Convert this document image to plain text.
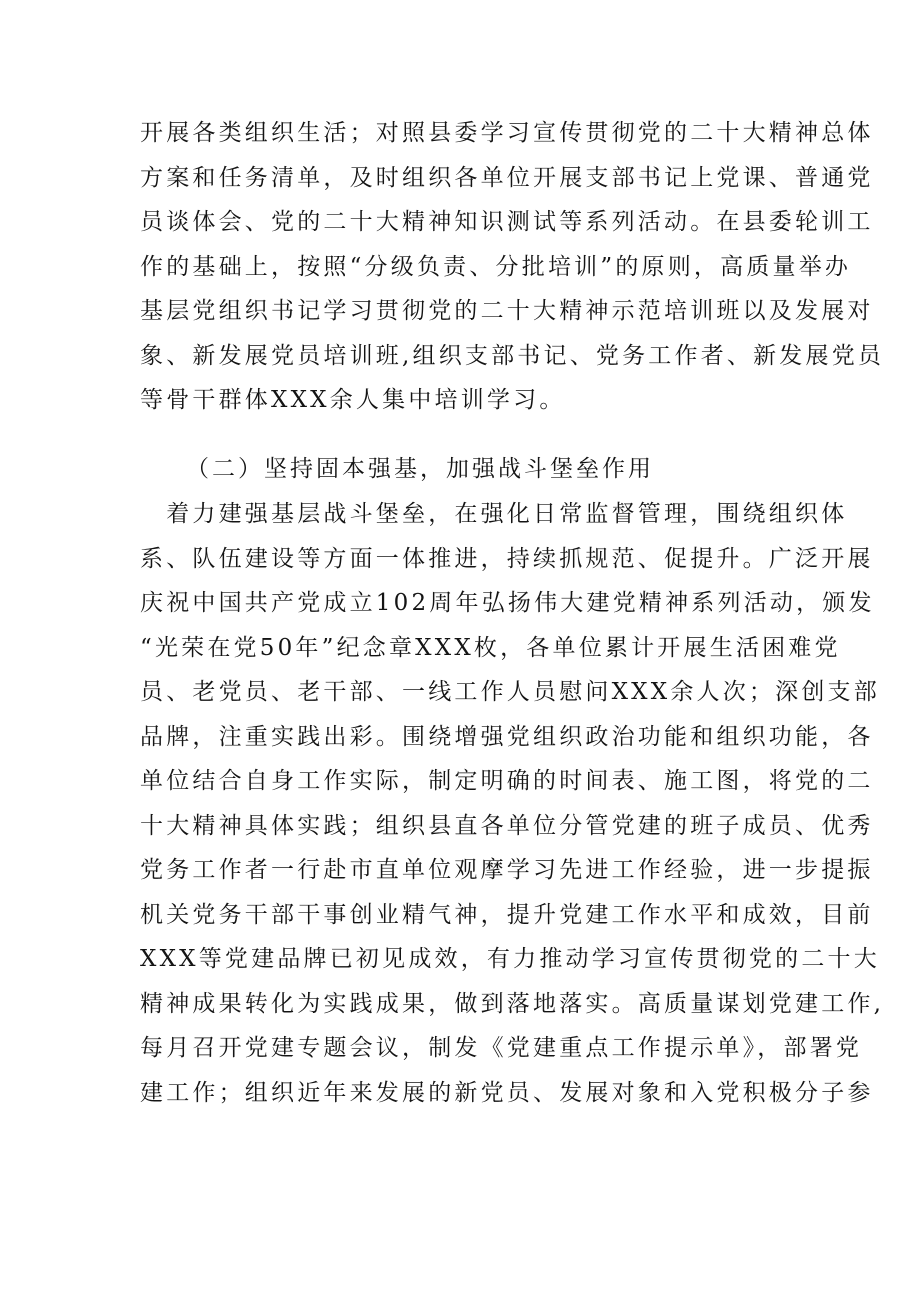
开展各类组织生活；对照县委学习宣传贯彻党的二十大精神总体
方案和任务清单，及时组织各单位开展支部书记上党课、普通党
员谈体会、党的二十大精神知识测试等系列活动。在县委轮训工
作的基础上，按照“分级负责、分批培训”的原则，高质量举办
基层党组织书记学习贯彻党的二十大精神示范培训班以及发展对
象、新发展党员培训班,组织支部书记、党务工作者、新发展党员
等骨干群体XXX余人集中培训学习。
（二）坚持固本强基，加强战斗堡垒作用
　着力建强基层战斗堡垒，在强化日常监督管理，围绕组织体
系、队伍建设等方面一体推进，持续抓规范、促提升。广泛开展
庆祝中国共产党成立102周年弘扬伟大建党精神系列活动，颁发
“光荣在党50年”纪念章XXX枚，各单位累计开展生活困难党
员、老党员、老干部、一线工作人员慰问XXX余人次；深创支部
品牌，注重实践出彩。围绕增强党组织政治功能和组织功能，各
单位结合自身工作实际，制定明确的时间表、施工图，将党的二
十大精神具体实践；组织县直各单位分管党建的班子成员、优秀
党务工作者一行赴市直单位观摩学习先进工作经验，进一步提振
机关党务干部干事创业精气神，提升党建工作水平和成效，目前
XXX等党建品牌已初见成效，有力推动学习宣传贯彻党的二十大
精神成果转化为实践成果，做到落地落实。高质量谋划党建工作,
每月召开党建专题会议，制发《党建重点工作提示单》，部署党
建工作；组织近年来发展的新党员、发展对象和入党积极分子参
